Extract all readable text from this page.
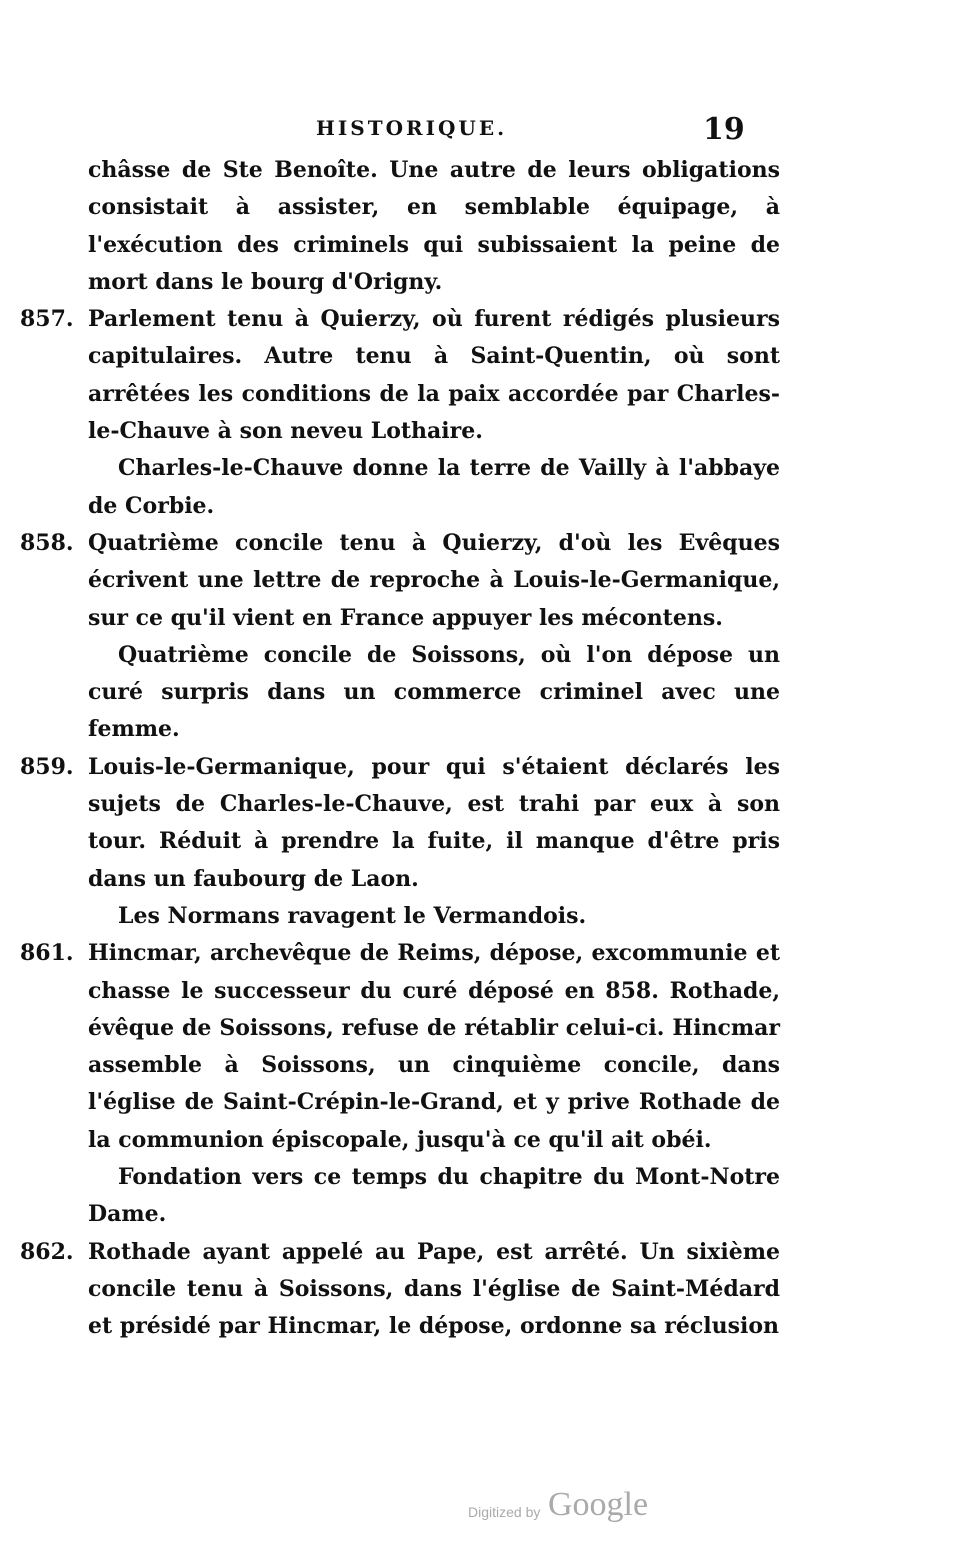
HISTORIQUE.	19

châsse de Ste Benoîte. Une autre de leurs obligations consistait à assister, en semblable équipage, à l'exécution des criminels qui subissaient la peine de mort dans le bourg d'Origny.

857. Parlement tenu à Quierzy, où furent rédigés plusieurs capitulaires. Autre tenu à Saint-Quentin, où sont arrêtées les conditions de la paix accordée par Charles-le-Chauve à son neveu Lothaire.

Charles-le-Chauve donne la terre de Vailly à l'abbaye de Corbie.

858. Quatrième concile tenu à Quierzy, d'où les Evêques écrivent une lettre de reproche à Louis-le-Germanique, sur ce qu'il vient en France appuyer les mécontens.

Quatrième concile de Soissons, où l'on dépose un curé surpris dans un commerce criminel avec une femme.

859. Louis-le-Germanique, pour qui s'étaient déclarés les sujets de Charles-le-Chauve, est trahi par eux à son tour. Réduit à prendre la fuite, il manque d'être pris dans un faubourg de Laon.

Les Normans ravagent le Vermandois.

861. Hincmar, archevêque de Reims, dépose, excommunie et chasse le successeur du curé déposé en 858. Rothade, évêque de Soissons, refuse de rétablir celui-ci. Hincmar assemble à Soissons, un cinquième concile, dans l'église de Saint-Crépin-le-Grand, et y prive Rothade de la communion épiscopale, jusqu'à ce qu'il ait obéi.

Fondation vers ce temps du chapitre du Mont-Notre Dame.

862. Rothade ayant appelé au Pape, est arrêté. Un sixième concile tenu à Soissons, dans l'église de Saint-Médard et présidé par Hincmar, le dépose, ordonne sa réclusion

Digitized by Google
